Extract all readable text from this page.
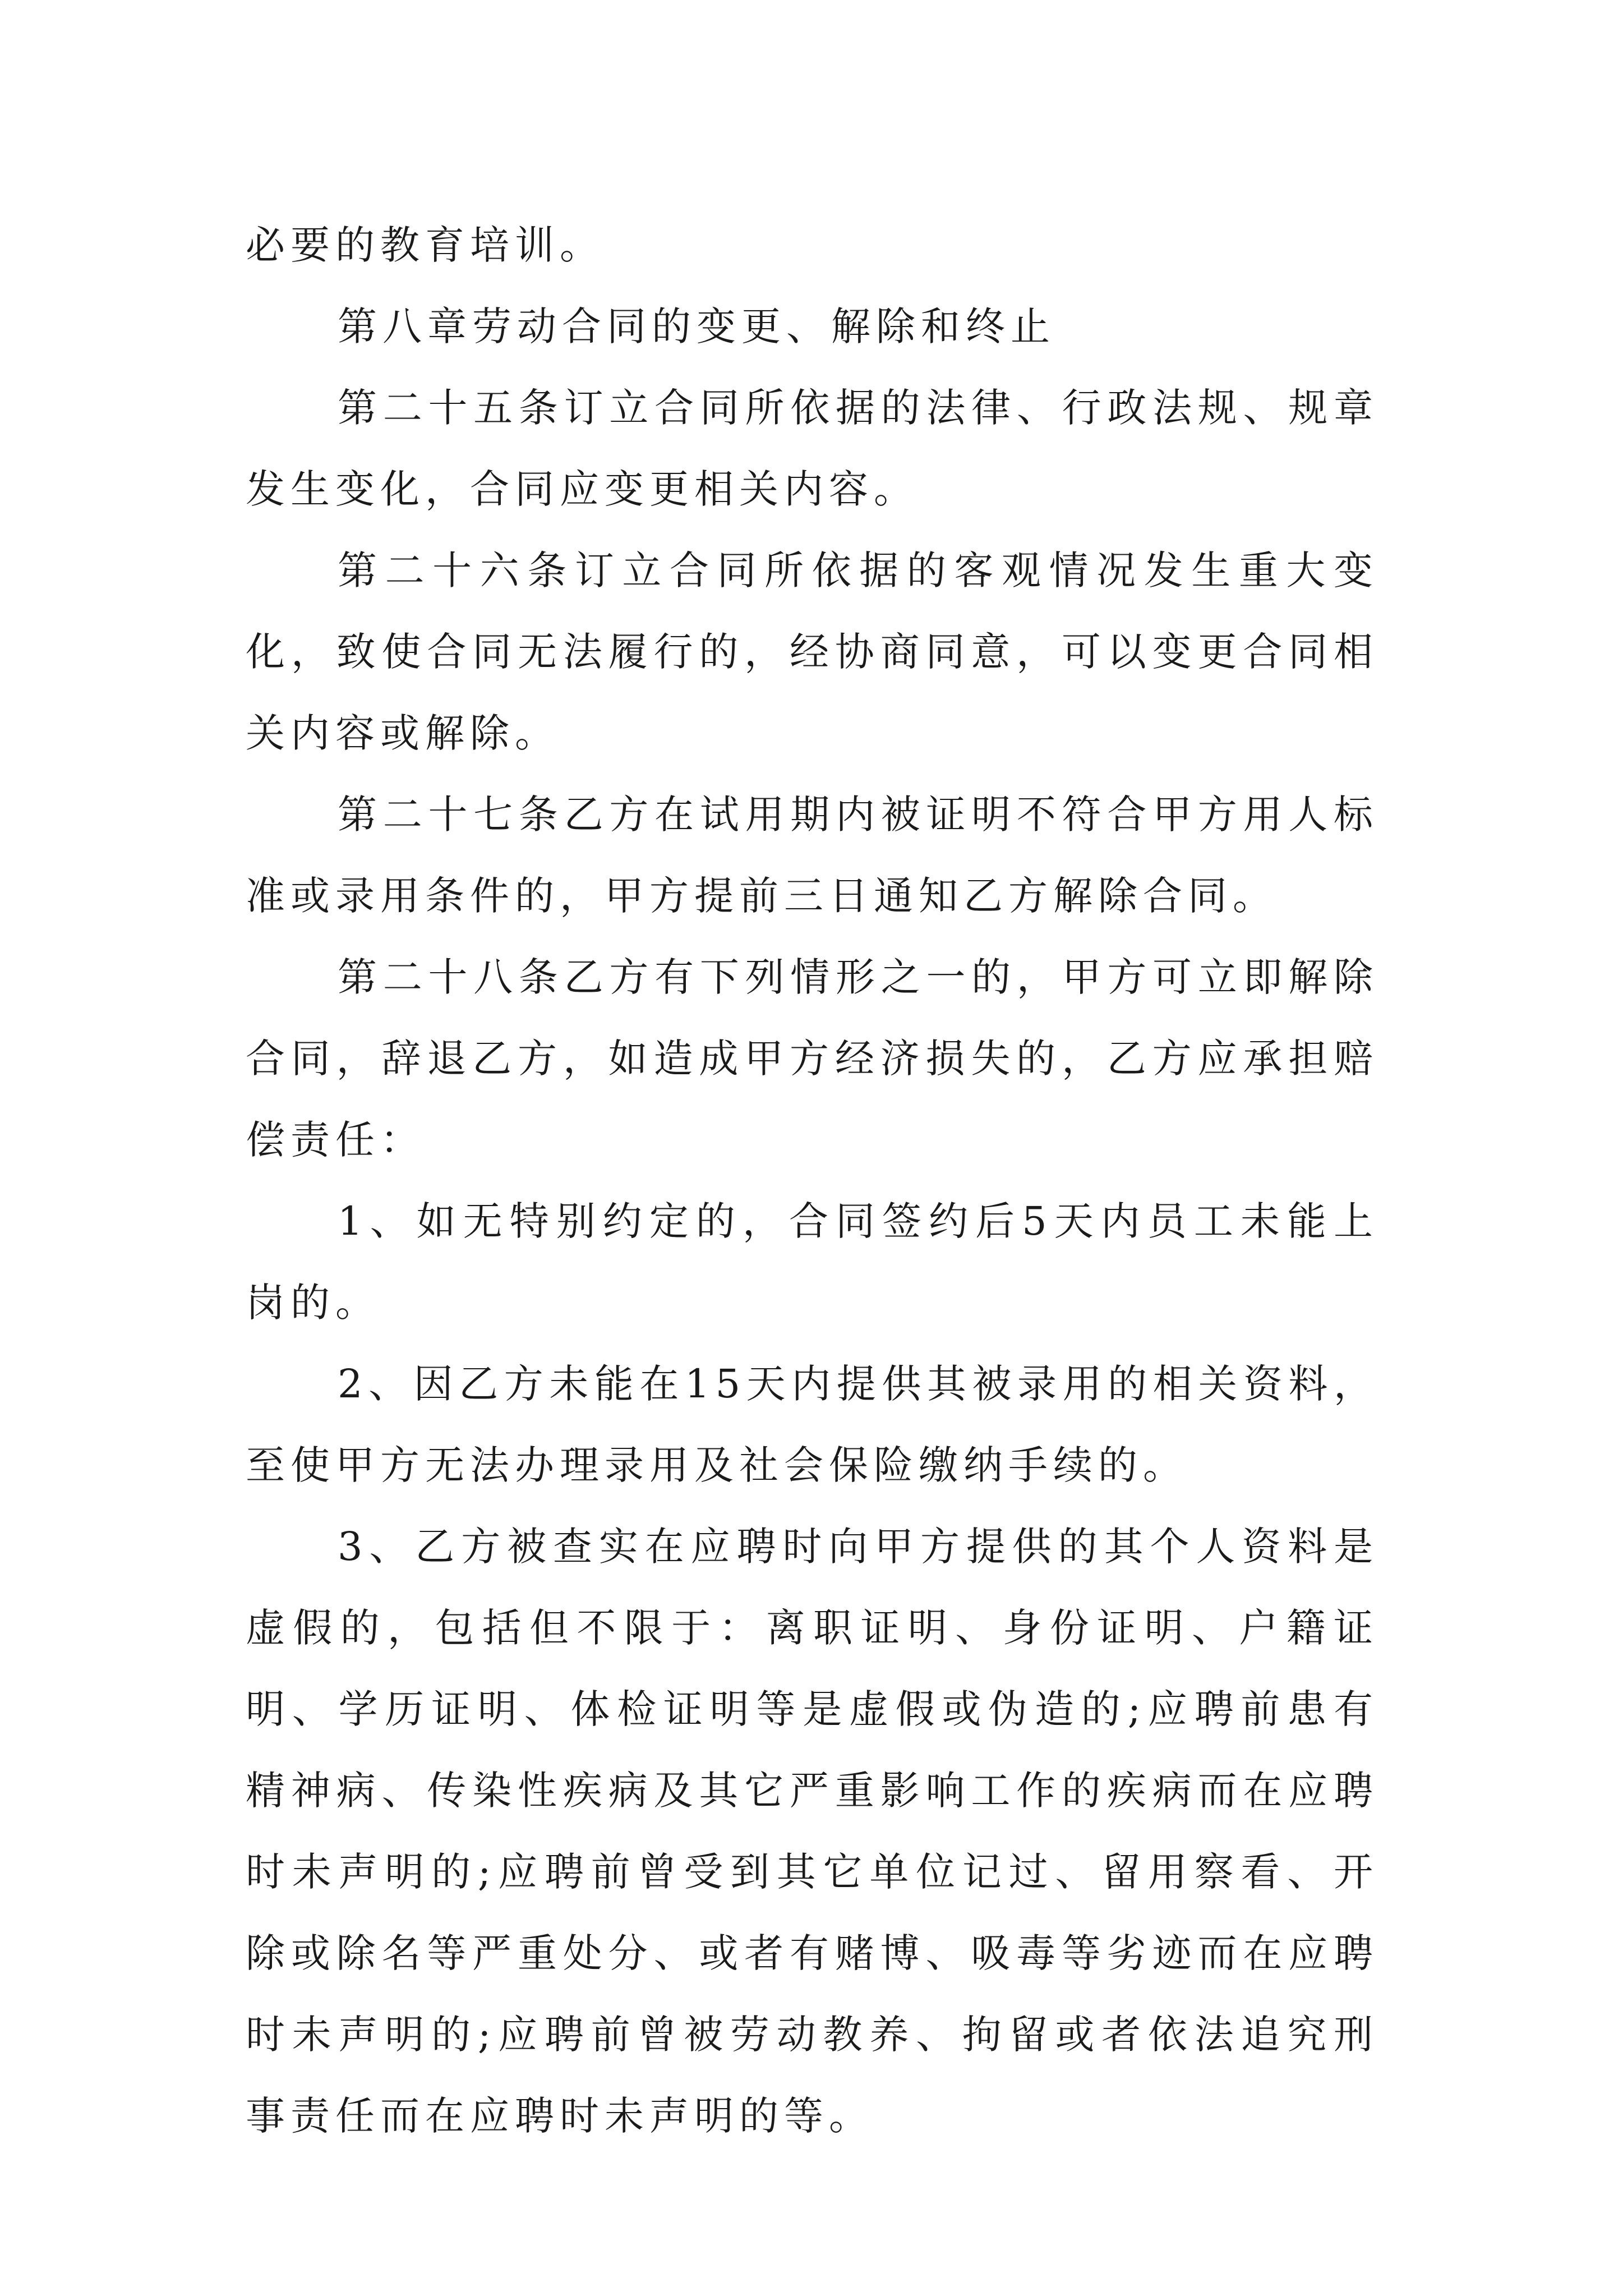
必要的教育培训。

第八章劳动合同的变更、解除和终止

第二十五条订立合同所依据的法律、行政法规、规章发生变化，合同应变更相关内容。

第二十六条订立合同所依据的客观情况发生重大变化，致使合同无法履行的，经协商同意，可以变更合同相关内容或解除。

第二十七条乙方在试用期内被证明不符合甲方用人标准或录用条件的，甲方提前三日通知乙方解除合同。

第二十八条乙方有下列情形之一的，甲方可立即解除合同，辞退乙方，如造成甲方经济损失的，乙方应承担赔偿责任：

1、如无特别约定的，合同签约后5天内员工未能上岗的。

2、因乙方未能在15天内提供其被录用的相关资料，至使甲方无法办理录用及社会保险缴纳手续的。

3、乙方被查实在应聘时向甲方提供的其个人资料是虚假的，包括但不限于：离职证明、身份证明、户籍证明、学历证明、体检证明等是虚假或伪造的;应聘前患有精神病、传染性疾病及其它严重影响工作的疾病而在应聘时未声明的;应聘前曾受到其它单位记过、留用察看、开除或除名等严重处分、或者有赌博、吸毒等劣迹而在应聘时未声明的;应聘前曾被劳动教养、拘留或者依法追究刑事责任而在应聘时未声明的等。
